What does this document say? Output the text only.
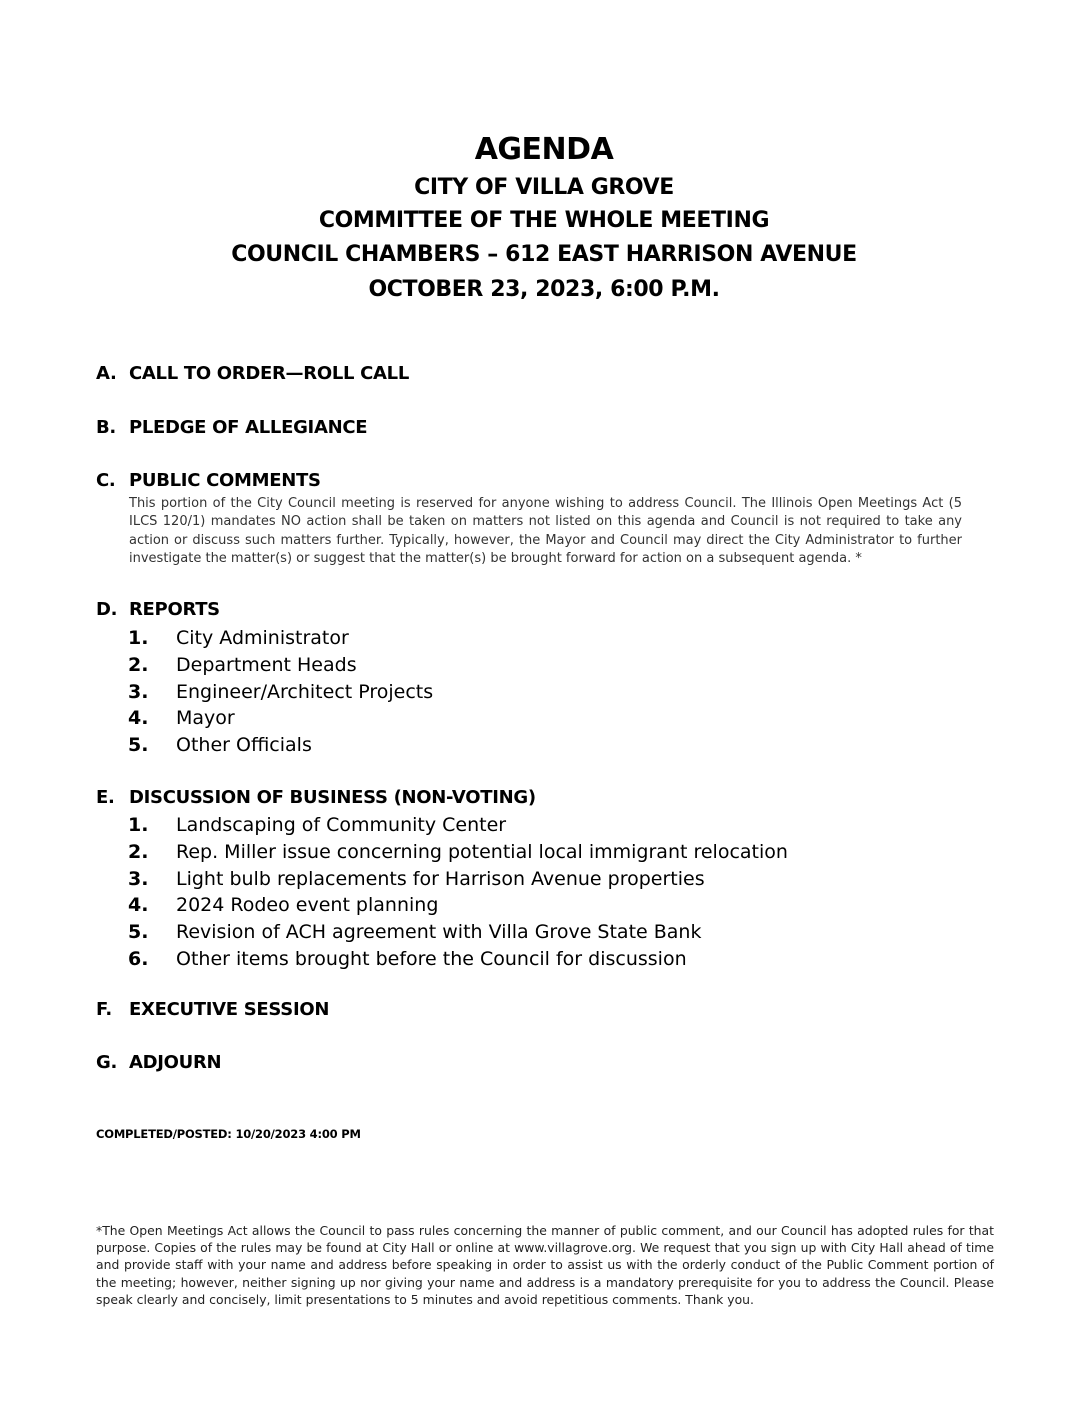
AGENDA
CITY OF VILLA GROVE
COMMITTEE OF THE WHOLE MEETING
COUNCIL CHAMBERS – 612 EAST HARRISON AVENUE
OCTOBER 23, 2023, 6:00 P.M.
A. CALL TO ORDER—ROLL CALL
B. PLEDGE OF ALLEGIANCE
C. PUBLIC COMMENTS
This portion of the City Council meeting is reserved for anyone wishing to address Council. The Illinois Open Meetings Act (5 ILCS 120/1) mandates NO action shall be taken on matters not listed on this agenda and Council is not required to take any action or discuss such matters further. Typically, however, the Mayor and Council may direct the City Administrator to further investigate the matter(s) or suggest that the matter(s) be brought forward for action on a subsequent agenda. *
D. REPORTS
1. City Administrator
2. Department Heads
3. Engineer/Architect Projects
4. Mayor
5. Other Officials
E. DISCUSSION OF BUSINESS (NON-VOTING)
1. Landscaping of Community Center
2. Rep. Miller issue concerning potential local immigrant relocation
3. Light bulb replacements for Harrison Avenue properties
4. 2024 Rodeo event planning
5. Revision of ACH agreement with Villa Grove State Bank
6. Other items brought before the Council for discussion
F. EXECUTIVE SESSION
G. ADJOURN
COMPLETED/POSTED: 10/20/2023 4:00 PM
*The Open Meetings Act allows the Council to pass rules concerning the manner of public comment, and our Council has adopted rules for that purpose. Copies of the rules may be found at City Hall or online at www.villagrove.org. We request that you sign up with City Hall ahead of time and provide staff with your name and address before speaking in order to assist us with the orderly conduct of the Public Comment portion of the meeting; however, neither signing up nor giving your name and address is a mandatory prerequisite for you to address the Council. Please speak clearly and concisely, limit presentations to 5 minutes and avoid repetitious comments. Thank you.
